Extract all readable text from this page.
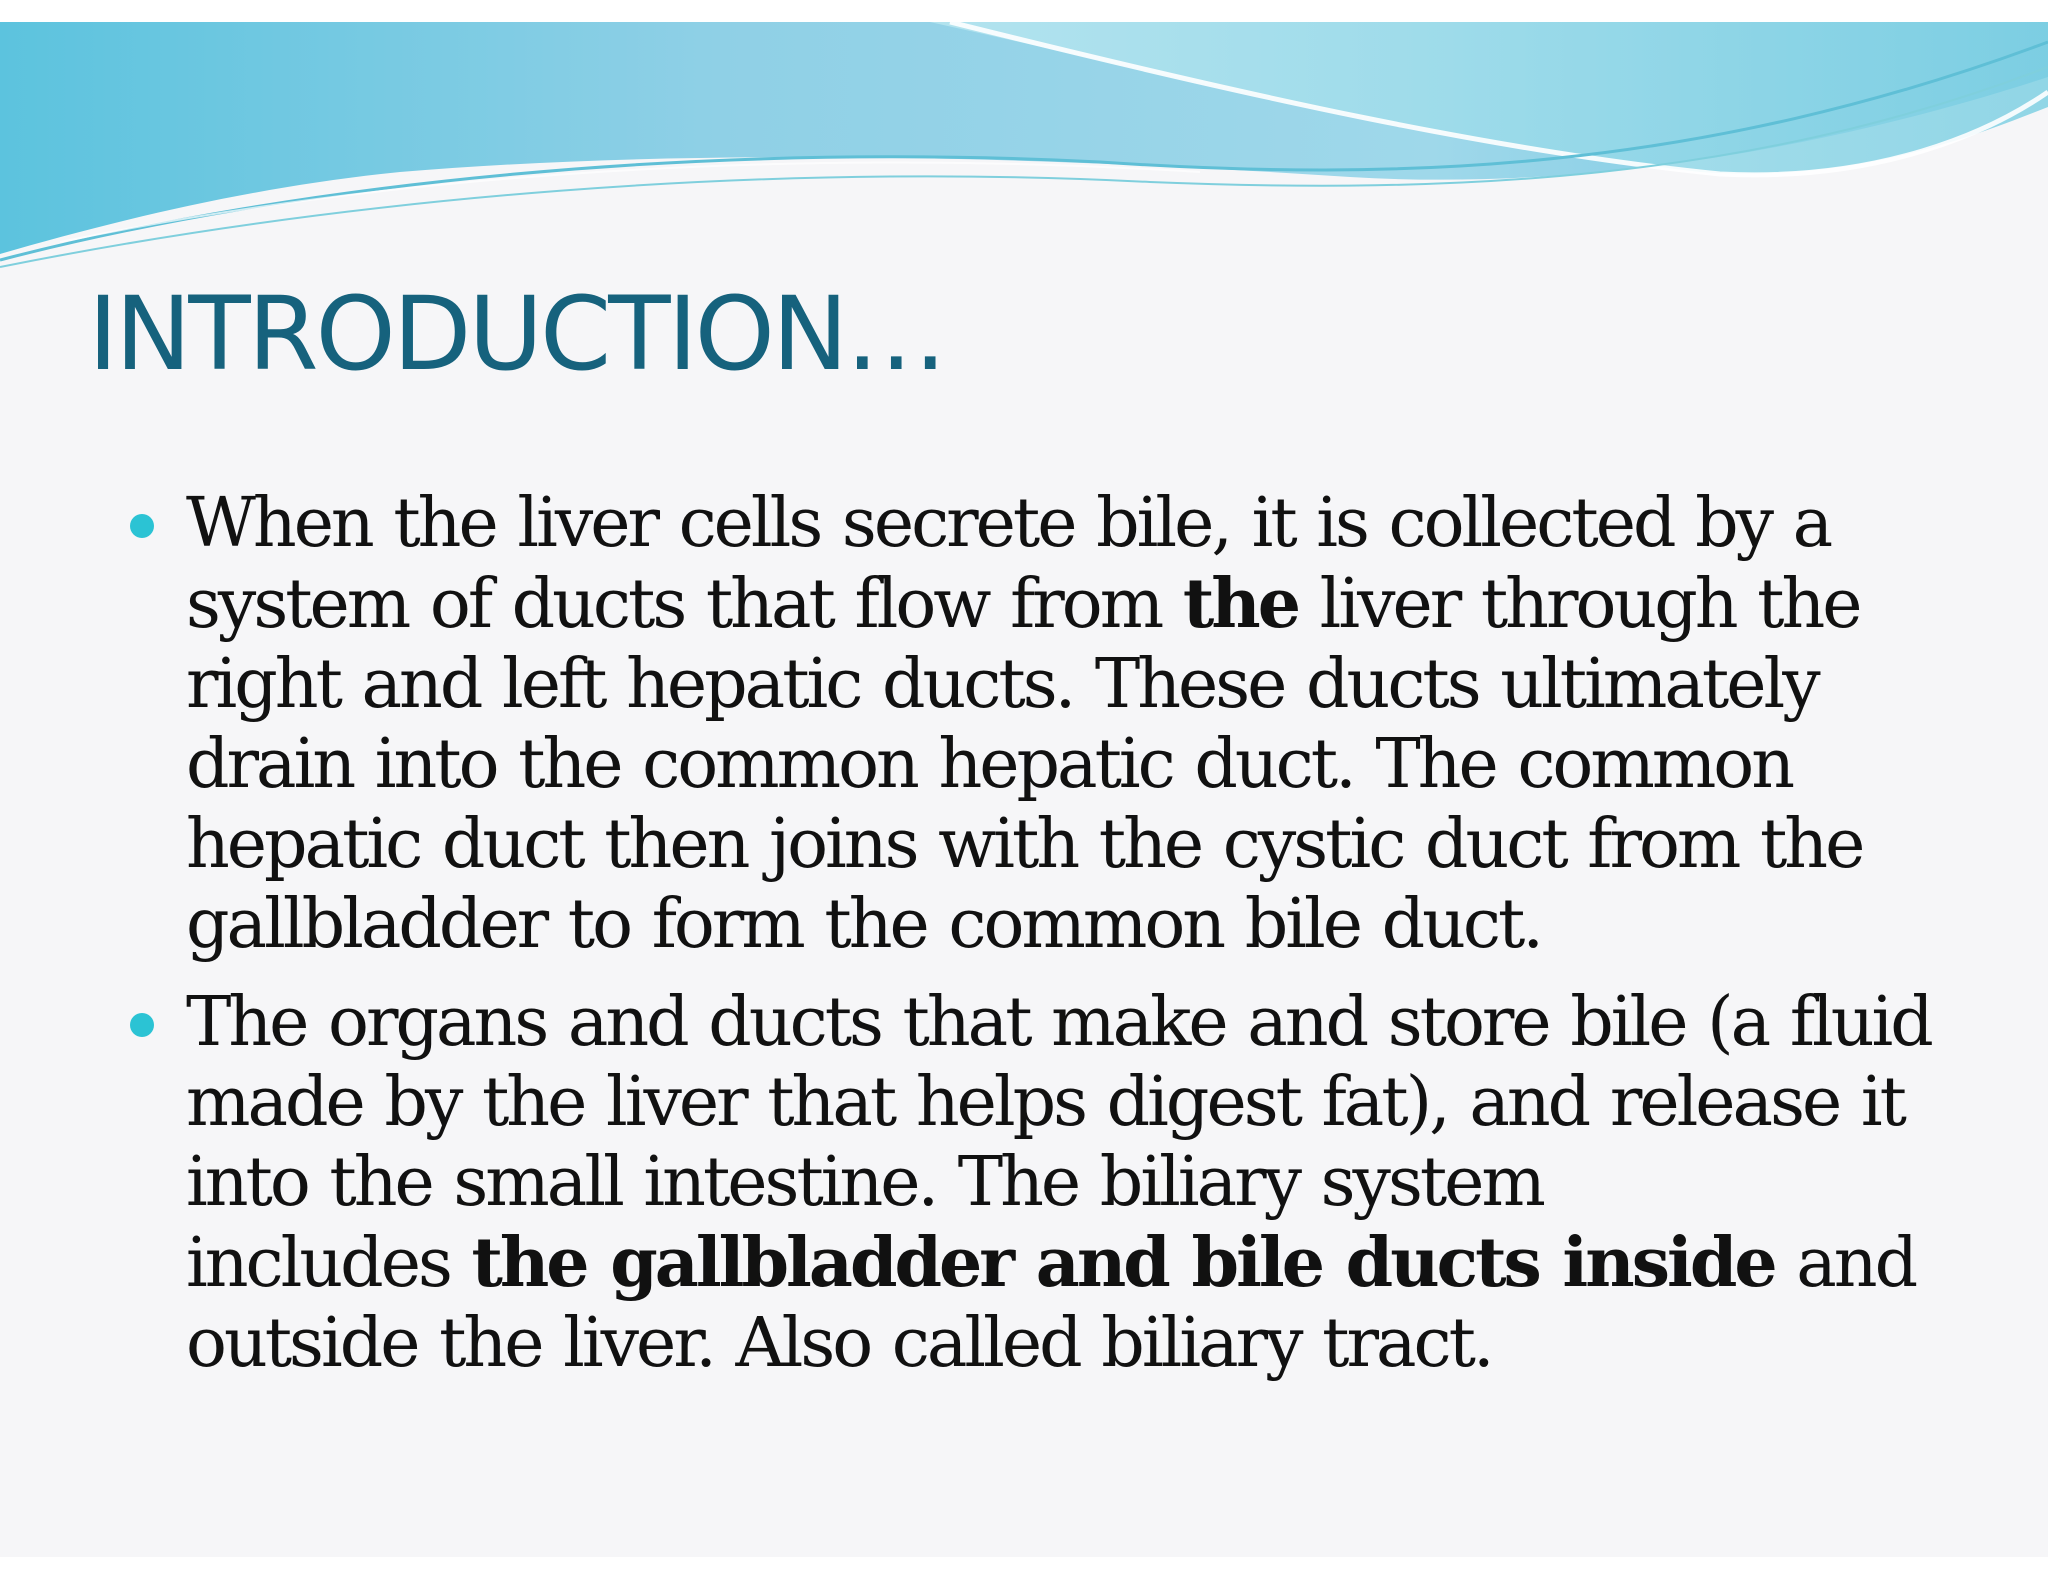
INTRODUCTION…
When the liver cells secrete bile, it is collected by a
system of ducts that flow from the liver through the
right and left hepatic ducts. These ducts ultimately
drain into the common hepatic duct. The common
hepatic duct then joins with the cystic duct from the
gallbladder to form the common bile duct.
The organs and ducts that make and store bile (a fluid
made by the liver that helps digest fat), and release it
into the small intestine. The biliary system
includes the gallbladder and bile ducts inside and
outside the liver. Also called biliary tract.
